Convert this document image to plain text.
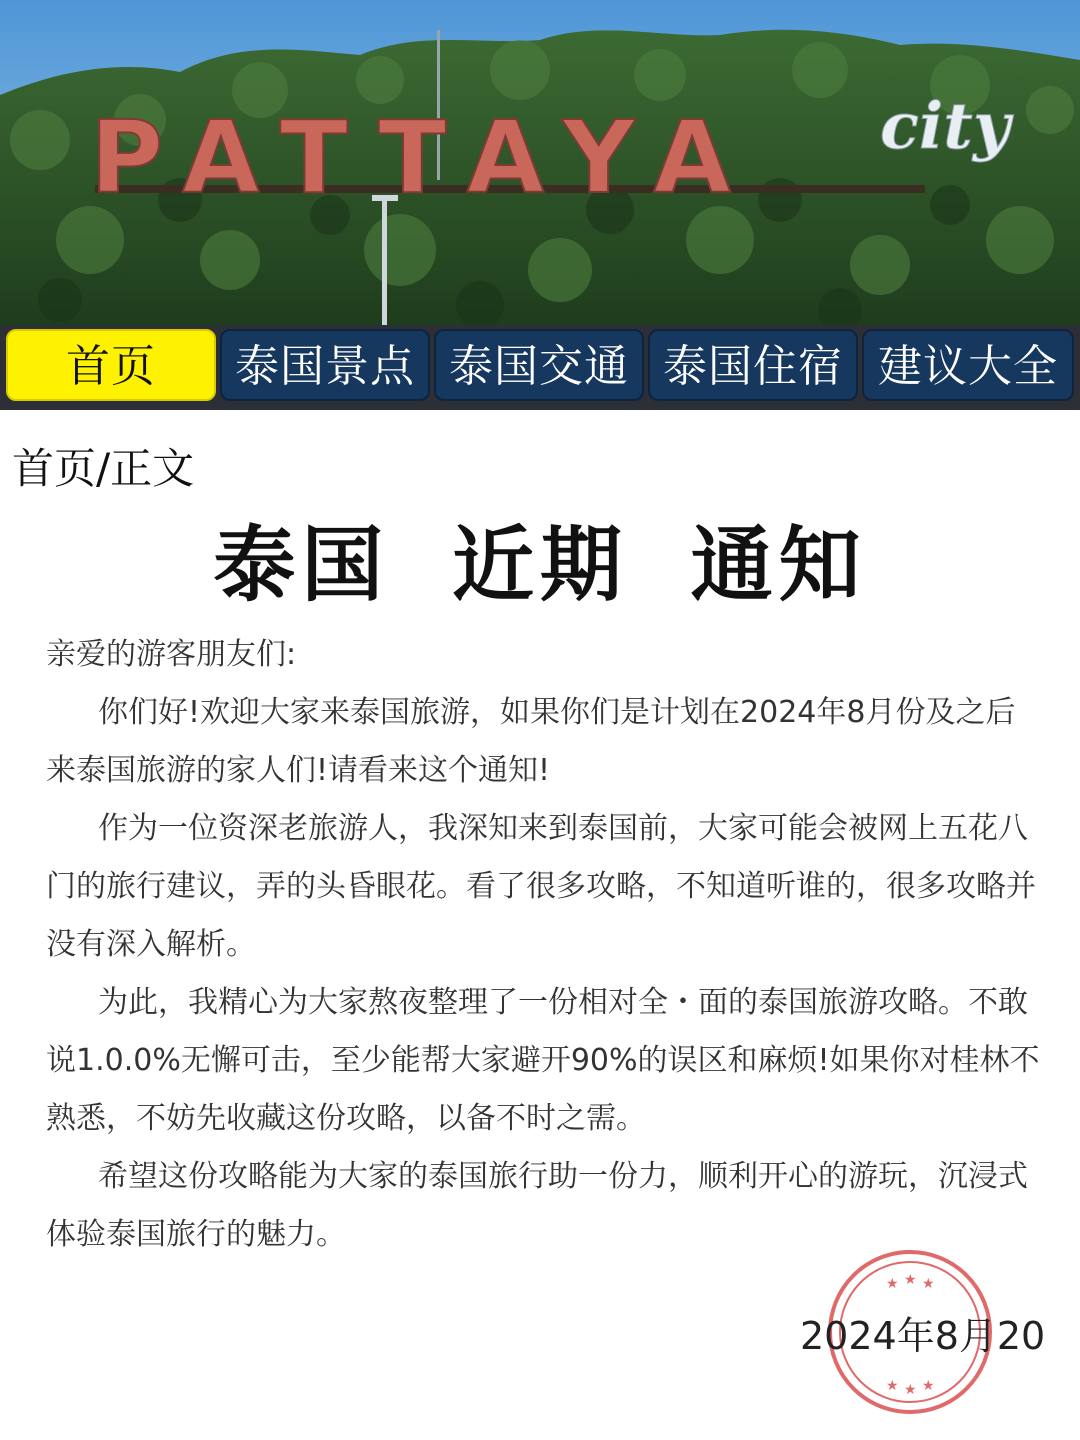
PATTAYA city
首页	泰国景点 泰国交通 泰国住宿 建议大全
首页/正文
泰国 近期 通知

亲爱的游客朋友们:

你们好!欢迎大家来泰国旅游，如果你们是计划在2024年8月份及之后来泰国旅游的家人们!请看来这个通知!

作为一位资深老旅游人，我深知来到泰国前，大家可能会被网上五花八门的旅行建议，弄的头昏眼花。看了很多攻略，不知道听谁的，很多攻略并没有深入解析。

为此，我精心为大家熬夜整理了一份相对全・面的泰国旅游攻略。不敢说1.0.0%无懈可击，至少能帮大家避开90%的误区和麻烦!如果你对桂林不熟悉，不妨先收藏这份攻略，以备不时之需。

希望这份攻略能为大家的泰国旅行助一份力，顺利开心的游玩，沉浸式体验泰国旅行的魅力。

★ ★ ★
★ ★ ★
2024年8月20
